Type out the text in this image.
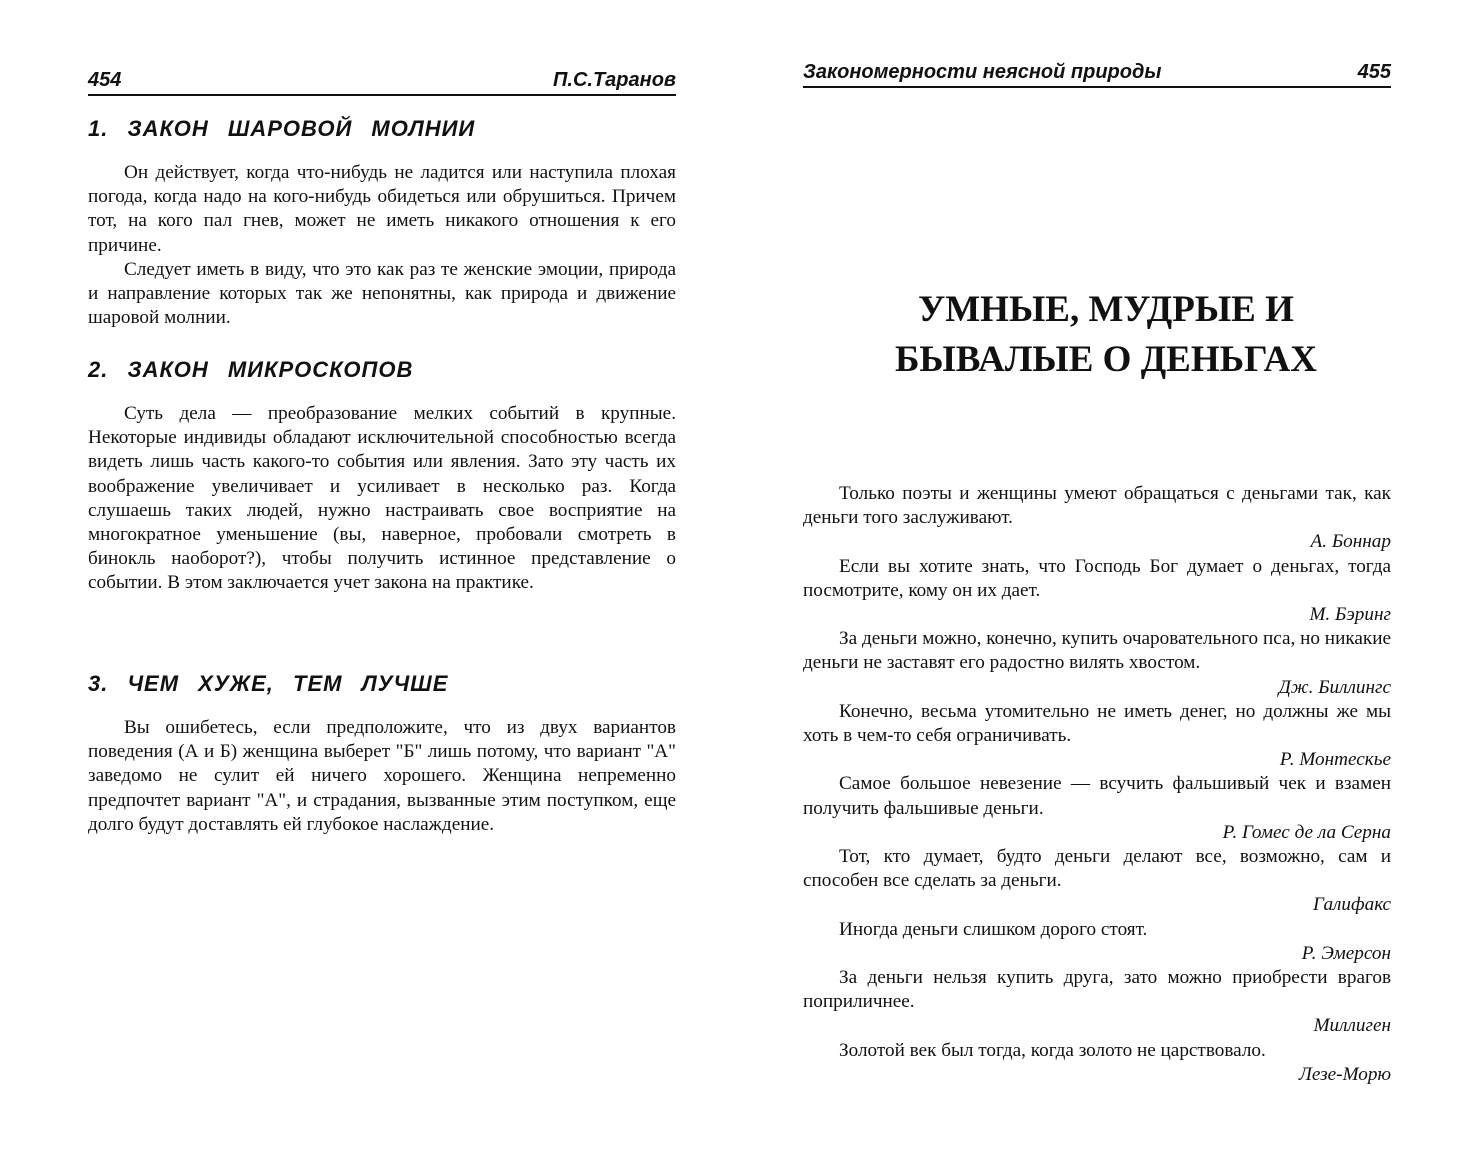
454	П.С.Таранов
1. ЗАКОН ШАРОВОЙ МОЛНИИ

Он действует, когда что-нибудь не ладится или наступила плохая погода, когда надо на кого-нибудь обидеться или обрушиться. Причем тот, на кого пал гнев, может не иметь никакого отношения к его причине.

Следует иметь в виду, что это как раз те женские эмоции, природа и направление которых так же непонятны, как природа и движение шаровой молнии.

2. ЗАКОН МИКРОСКОПОВ

Суть дела — преобразование мелких событий в крупные. Некоторые индивиды обладают исключительной способностью всегда видеть лишь часть какого-то события или явления. Зато эту часть их воображение увеличивает и усиливает в несколько раз. Когда слушаешь таких людей, нужно настраивать свое восприятие на многократное уменьшение (вы, наверное, пробовали смотреть в бинокль наоборот?), чтобы получить истинное представление о событии. В этом заключается учет закона на практике.

3. ЧЕМ ХУЖЕ, ТЕМ ЛУЧШЕ

Вы ошибетесь, если предположите, что из двух вариантов поведения (А и Б) женщина выберет "Б" лишь потому, что вариант "А" заведомо не сулит ей ничего хорошего. Женщина непременно предпочтет вариант "А", и страдания, вызванные этим поступком, еще долго будут доставлять ей глубокое наслаждение.

Закономерности неясной природы	455
УМНЫЕ, МУДРЫЕ И
БЫВАЛЫЕ О ДЕНЬГАХ

Только поэты и женщины умеют обращаться с деньгами так, как деньги того заслуживают.

А. Боннар

Если вы хотите знать, что Господь Бог думает о деньгах, тогда посмотрите, кому он их дает.

М. Бэринг

За деньги можно, конечно, купить очаровательного пса, но никакие деньги не заставят его радостно вилять хвостом.

Дж. Биллингс

Конечно, весьма утомительно не иметь денег, но должны же мы хоть в чем-то себя ограничивать.

Р. Монтескье

Самое большое невезение — всучить фальшивый чек и взамен получить фальшивые деньги.

Р. Гомес де ла Серна

Тот, кто думает, будто деньги делают все, возможно, сам и способен все сделать за деньги.

Галифакс

Иногда деньги слишком дорого стоят.

Р. Эмерсон

За деньги нельзя купить друга, зато можно приобрести врагов поприличнее.

Миллиген

Золотой век был тогда, когда золото не царствовало.

Лезе-Морю
